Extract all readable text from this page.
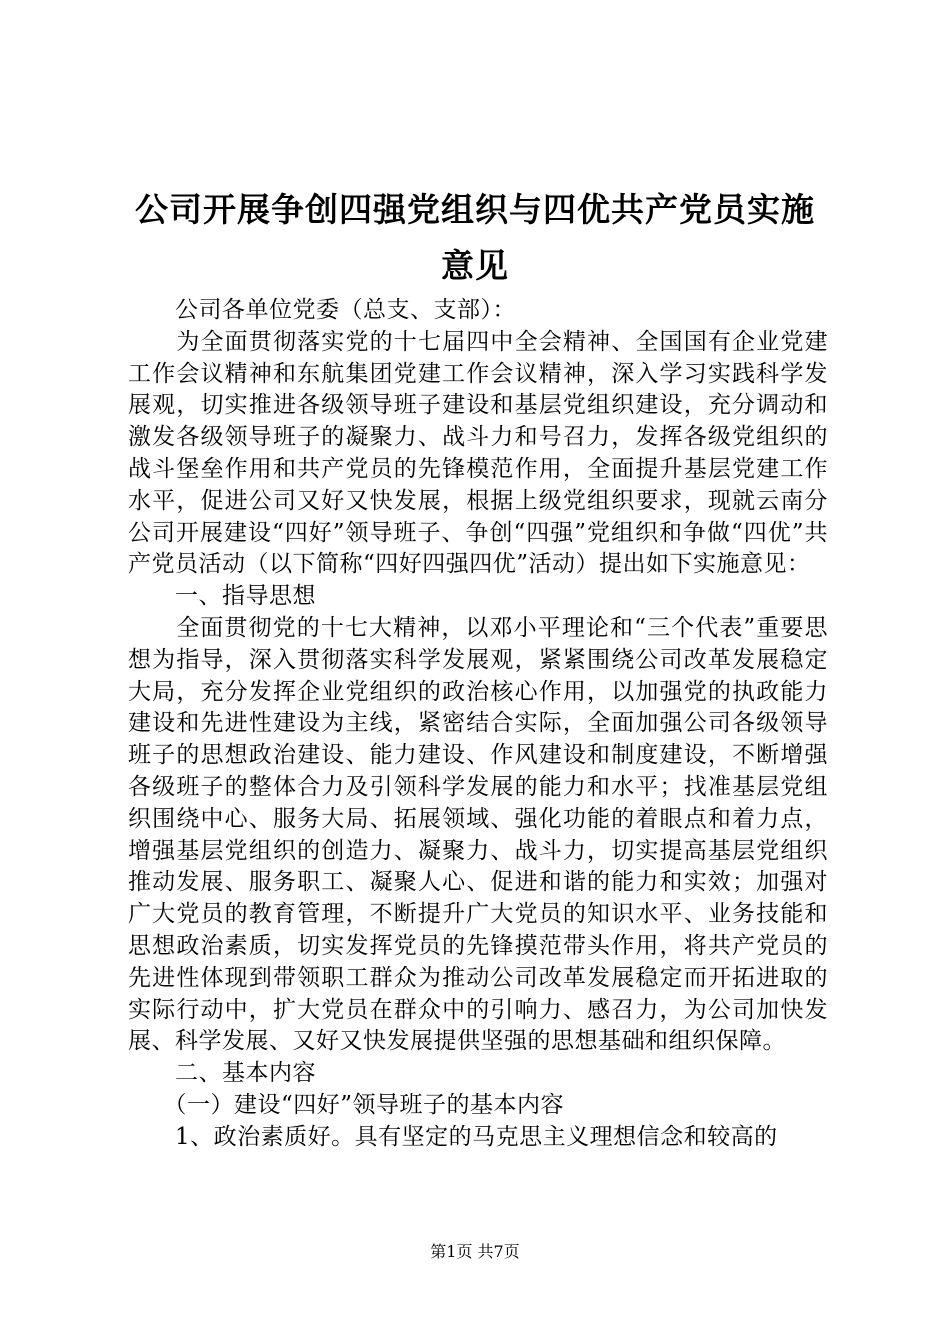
公司开展争创四强党组织与四优共产党员实施
意见

　　公司各单位党委（总支、支部）：

　　为全面贯彻落实党的十七届四中全会精神、全国国有企业党建工作会议精神和东航集团党建工作会议精神，深入学习实践科学发展观，切实推进各级领导班子建设和基层党组织建设，充分调动和激发各级领导班子的凝聚力、战斗力和号召力，发挥各级党组织的战斗堡垒作用和共产党员的先锋模范作用，全面提升基层党建工作水平，促进公司又好又快发展，根据上级党组织要求，现就云南分公司开展建设“四好”领导班子、争创“四强”党组织和争做“四优”共产党员活动（以下简称“四好四强四优”活动）提出如下实施意见：

　　一、指导思想

　　全面贯彻党的十七大精神，以邓小平理论和“三个代表”重要思想为指导，深入贯彻落实科学发展观，紧紧围绕公司改革发展稳定大局，充分发挥企业党组织的政治核心作用，以加强党的执政能力建设和先进性建设为主线，紧密结合实际，全面加强公司各级领导班子的思想政治建设、能力建设、作风建设和制度建设，不断增强各级班子的整体合力及引领科学发展的能力和水平；找准基层党组织围绕中心、服务大局、拓展领域、强化功能的着眼点和着力点，增强基层党组织的创造力、凝聚力、战斗力，切实提高基层党组织推动发展、服务职工、凝聚人心、促进和谐的能力和实效；加强对广大党员的教育管理，不断提升广大党员的知识水平、业务技能和思想政治素质，切实发挥党员的先锋摸范带头作用，将共产党员的先进性体现到带领职工群众为推动公司改革发展稳定而开拓进取的实际行动中，扩大党员在群众中的引响力、感召力，为公司加快发展、科学发展、又好又快发展提供坚强的思想基础和组织保障。

　　二、基本内容

　　（一）建设“四好”领导班子的基本内容

　　1、政治素质好。具有坚定的马克思主义理想信念和较高的

第1页 共7页
